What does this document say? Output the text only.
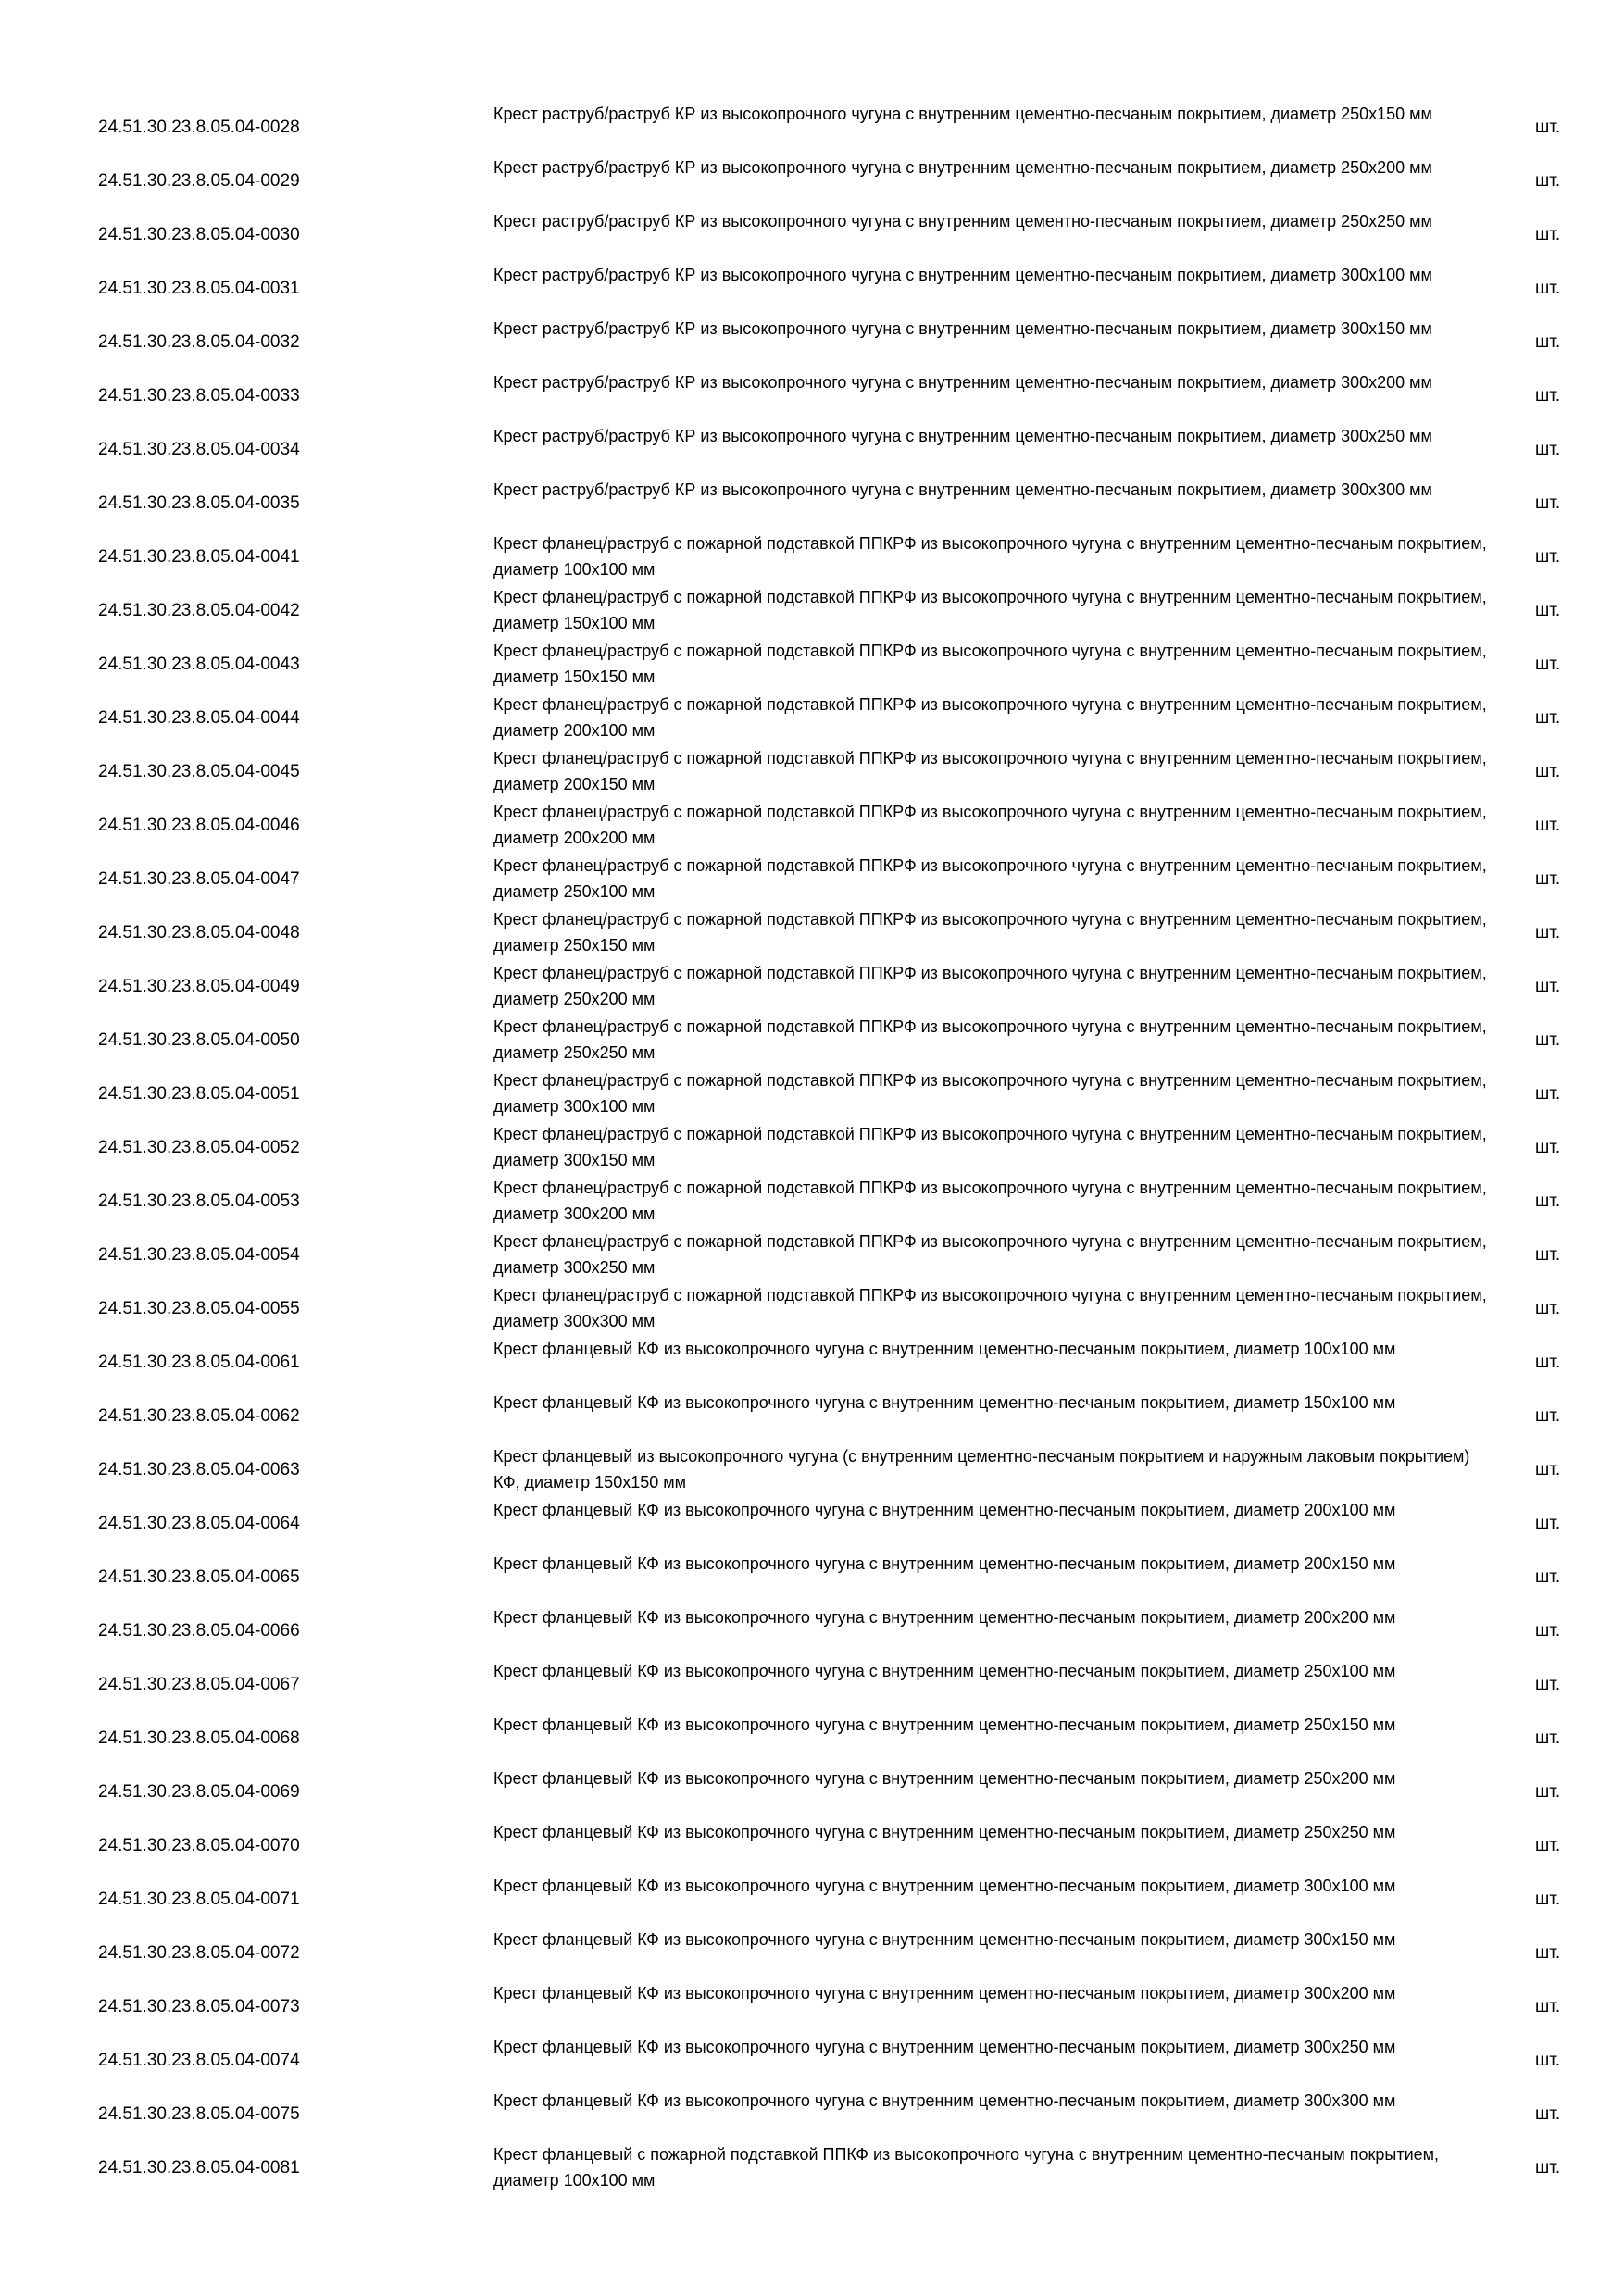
24.51.30.23.8.05.04-0028
Крест раструб/раструб КР из высокопрочного чугуна с внутренним цементно-песчаным покрытием, диаметр 250х150 мм
шт.
24.51.30.23.8.05.04-0029
Крест раструб/раструб КР из высокопрочного чугуна с внутренним цементно-песчаным покрытием, диаметр 250х200 мм
шт.
24.51.30.23.8.05.04-0030
Крест раструб/раструб КР из высокопрочного чугуна с внутренним цементно-песчаным покрытием, диаметр 250х250 мм
шт.
24.51.30.23.8.05.04-0031
Крест раструб/раструб КР из высокопрочного чугуна с внутренним цементно-песчаным покрытием, диаметр 300х100 мм
шт.
24.51.30.23.8.05.04-0032
Крест раструб/раструб КР из высокопрочного чугуна с внутренним цементно-песчаным покрытием, диаметр 300х150 мм
шт.
24.51.30.23.8.05.04-0033
Крест раструб/раструб КР из высокопрочного чугуна с внутренним цементно-песчаным покрытием, диаметр 300х200 мм
шт.
24.51.30.23.8.05.04-0034
Крест раструб/раструб КР из высокопрочного чугуна с внутренним цементно-песчаным покрытием, диаметр 300х250 мм
шт.
24.51.30.23.8.05.04-0035
Крест раструб/раструб КР из высокопрочного чугуна с внутренним цементно-песчаным покрытием, диаметр 300х300 мм
шт.
24.51.30.23.8.05.04-0041
Крест фланец/раструб с пожарной подставкой ППКРФ из высокопрочного чугуна с внутренним цементно-песчаным покрытием, диаметр 100х100 мм
шт.
24.51.30.23.8.05.04-0042
Крест фланец/раструб с пожарной подставкой ППКРФ из высокопрочного чугуна с внутренним цементно-песчаным покрытием, диаметр 150х100 мм
шт.
24.51.30.23.8.05.04-0043
Крест фланец/раструб с пожарной подставкой ППКРФ из высокопрочного чугуна с внутренним цементно-песчаным покрытием, диаметр 150х150 мм
шт.
24.51.30.23.8.05.04-0044
Крест фланец/раструб с пожарной подставкой ППКРФ из высокопрочного чугуна с внутренним цементно-песчаным покрытием, диаметр 200х100 мм
шт.
24.51.30.23.8.05.04-0045
Крест фланец/раструб с пожарной подставкой ППКРФ из высокопрочного чугуна с внутренним цементно-песчаным покрытием, диаметр 200х150 мм
шт.
24.51.30.23.8.05.04-0046
Крест фланец/раструб с пожарной подставкой ППКРФ из высокопрочного чугуна с внутренним цементно-песчаным покрытием, диаметр 200х200 мм
шт.
24.51.30.23.8.05.04-0047
Крест фланец/раструб с пожарной подставкой ППКРФ из высокопрочного чугуна с внутренним цементно-песчаным покрытием, диаметр 250х100 мм
шт.
24.51.30.23.8.05.04-0048
Крест фланец/раструб с пожарной подставкой ППКРФ из высокопрочного чугуна с внутренним цементно-песчаным покрытием, диаметр 250х150 мм
шт.
24.51.30.23.8.05.04-0049
Крест фланец/раструб с пожарной подставкой ППКРФ из высокопрочного чугуна с внутренним цементно-песчаным покрытием, диаметр 250х200 мм
шт.
24.51.30.23.8.05.04-0050
Крест фланец/раструб с пожарной подставкой ППКРФ из высокопрочного чугуна с внутренним цементно-песчаным покрытием, диаметр 250х250 мм
шт.
24.51.30.23.8.05.04-0051
Крест фланец/раструб с пожарной подставкой ППКРФ из высокопрочного чугуна с внутренним цементно-песчаным покрытием, диаметр 300х100 мм
шт.
24.51.30.23.8.05.04-0052
Крест фланец/раструб с пожарной подставкой ППКРФ из высокопрочного чугуна с внутренним цементно-песчаным покрытием, диаметр 300х150 мм
шт.
24.51.30.23.8.05.04-0053
Крест фланец/раструб с пожарной подставкой ППКРФ из высокопрочного чугуна с внутренним цементно-песчаным покрытием, диаметр 300х200 мм
шт.
24.51.30.23.8.05.04-0054
Крест фланец/раструб с пожарной подставкой ППКРФ из высокопрочного чугуна с внутренним цементно-песчаным покрытием, диаметр 300х250 мм
шт.
24.51.30.23.8.05.04-0055
Крест фланец/раструб с пожарной подставкой ППКРФ из высокопрочного чугуна с внутренним цементно-песчаным покрытием, диаметр 300х300 мм
шт.
24.51.30.23.8.05.04-0061
Крест фланцевый КФ из высокопрочного чугуна с внутренним цементно-песчаным покрытием, диаметр 100х100 мм
шт.
24.51.30.23.8.05.04-0062
Крест фланцевый КФ из высокопрочного чугуна с внутренним цементно-песчаным покрытием, диаметр 150х100 мм
шт.
24.51.30.23.8.05.04-0063
Крест фланцевый из высокопрочного чугуна (с внутренним цементно-песчаным покрытием и наружным лаковым покрытием) КФ, диаметр 150х150 мм
шт.
24.51.30.23.8.05.04-0064
Крест фланцевый КФ из высокопрочного чугуна с внутренним цементно-песчаным покрытием, диаметр 200х100 мм
шт.
24.51.30.23.8.05.04-0065
Крест фланцевый КФ из высокопрочного чугуна с внутренним цементно-песчаным покрытием, диаметр 200х150 мм
шт.
24.51.30.23.8.05.04-0066
Крест фланцевый КФ из высокопрочного чугуна с внутренним цементно-песчаным покрытием, диаметр 200х200 мм
шт.
24.51.30.23.8.05.04-0067
Крест фланцевый КФ из высокопрочного чугуна с внутренним цементно-песчаным покрытием, диаметр 250х100 мм
шт.
24.51.30.23.8.05.04-0068
Крест фланцевый КФ из высокопрочного чугуна с внутренним цементно-песчаным покрытием, диаметр 250х150 мм
шт.
24.51.30.23.8.05.04-0069
Крест фланцевый КФ из высокопрочного чугуна с внутренним цементно-песчаным покрытием, диаметр 250х200 мм
шт.
24.51.30.23.8.05.04-0070
Крест фланцевый КФ из высокопрочного чугуна с внутренним цементно-песчаным покрытием, диаметр 250х250 мм
шт.
24.51.30.23.8.05.04-0071
Крест фланцевый КФ из высокопрочного чугуна с внутренним цементно-песчаным покрытием, диаметр 300х100 мм
шт.
24.51.30.23.8.05.04-0072
Крест фланцевый КФ из высокопрочного чугуна с внутренним цементно-песчаным покрытием, диаметр 300х150 мм
шт.
24.51.30.23.8.05.04-0073
Крест фланцевый КФ из высокопрочного чугуна с внутренним цементно-песчаным покрытием, диаметр 300х200 мм
шт.
24.51.30.23.8.05.04-0074
Крест фланцевый КФ из высокопрочного чугуна с внутренним цементно-песчаным покрытием, диаметр 300х250 мм
шт.
24.51.30.23.8.05.04-0075
Крест фланцевый КФ из высокопрочного чугуна с внутренним цементно-песчаным покрытием, диаметр 300х300 мм
шт.
24.51.30.23.8.05.04-0081
Крест фланцевый с пожарной подставкой ППКФ из высокопрочного чугуна с внутренним цементно-песчаным покрытием, диаметр 100х100 мм
шт.
